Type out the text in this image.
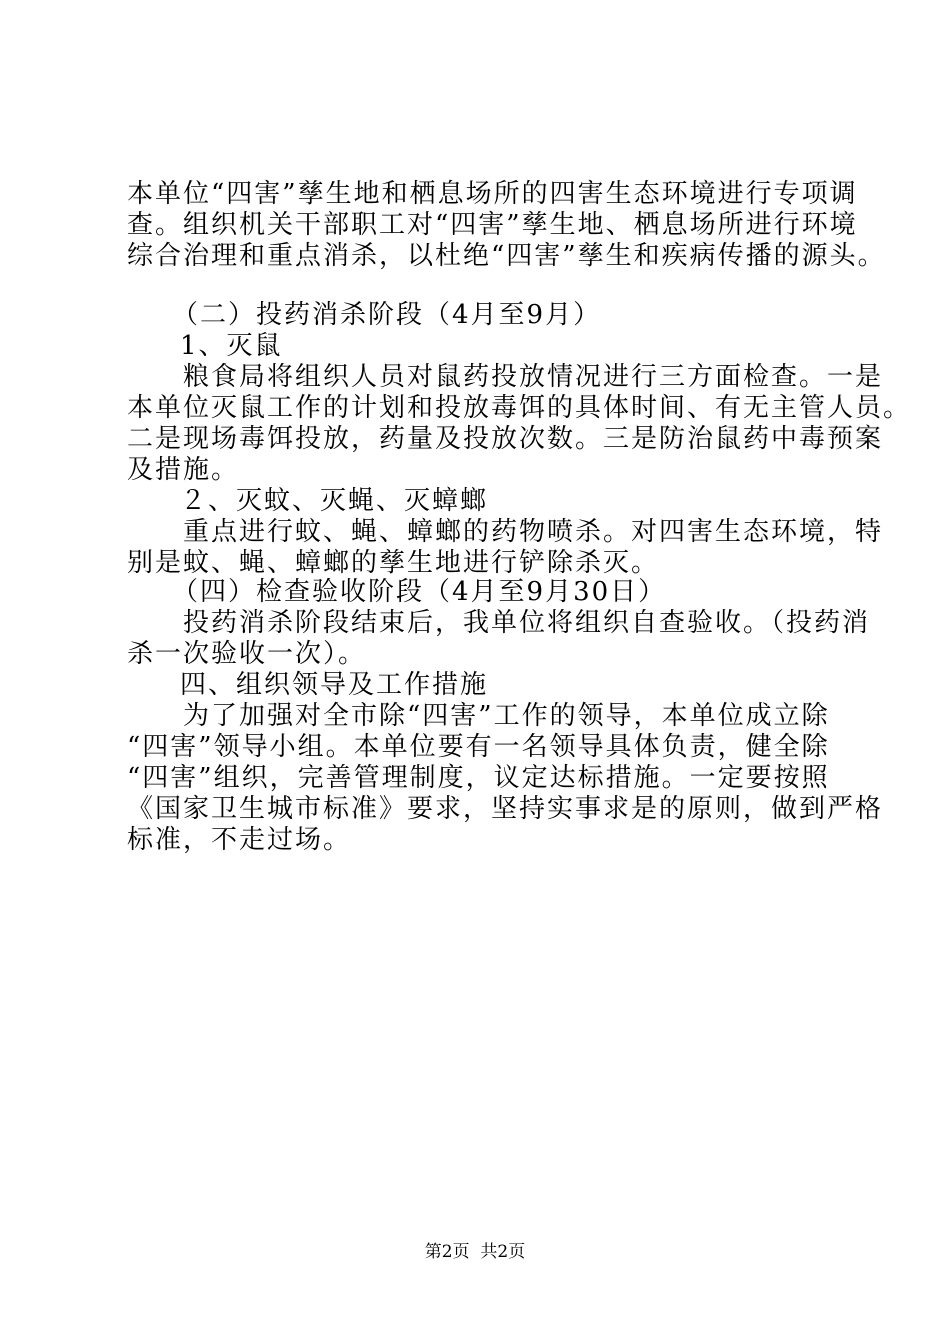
本单位“四害”孳生地和栖息场所的四害生态环境进行专项调
查。组织机关干部职工对“四害”孳生地、栖息场所进行环境
综合治理和重点消杀，以杜绝“四害”孳生和疾病传播的源头。
（二）投药消杀阶段（4月至9月）
1、灭鼠
粮食局将组织人员对鼠药投放情况进行三方面检查。一是
本单位灭鼠工作的计划和投放毒饵的具体时间、有无主管人员。
二是现场毒饵投放，药量及投放次数。三是防治鼠药中毒预案
及措施。
２、灭蚊、灭蝇、灭蟑螂
重点进行蚊、蝇、蟑螂的药物喷杀。对四害生态环境，特
别是蚊、蝇、蟑螂的孳生地进行铲除杀灭。
（四）检查验收阶段（4月至9月30日）
投药消杀阶段结束后，我单位将组织自查验收。（投药消
杀一次验收一次）。
四、组织领导及工作措施
为了加强对全市除“四害”工作的领导，本单位成立除
“四害”领导小组。本单位要有一名领导具体负责，健全除
“四害”组织，完善管理制度，议定达标措施。一定要按照
《国家卫生城市标准》要求，坚持实事求是的原则，做到严格
标准，不走过场。
第2页  共2页
